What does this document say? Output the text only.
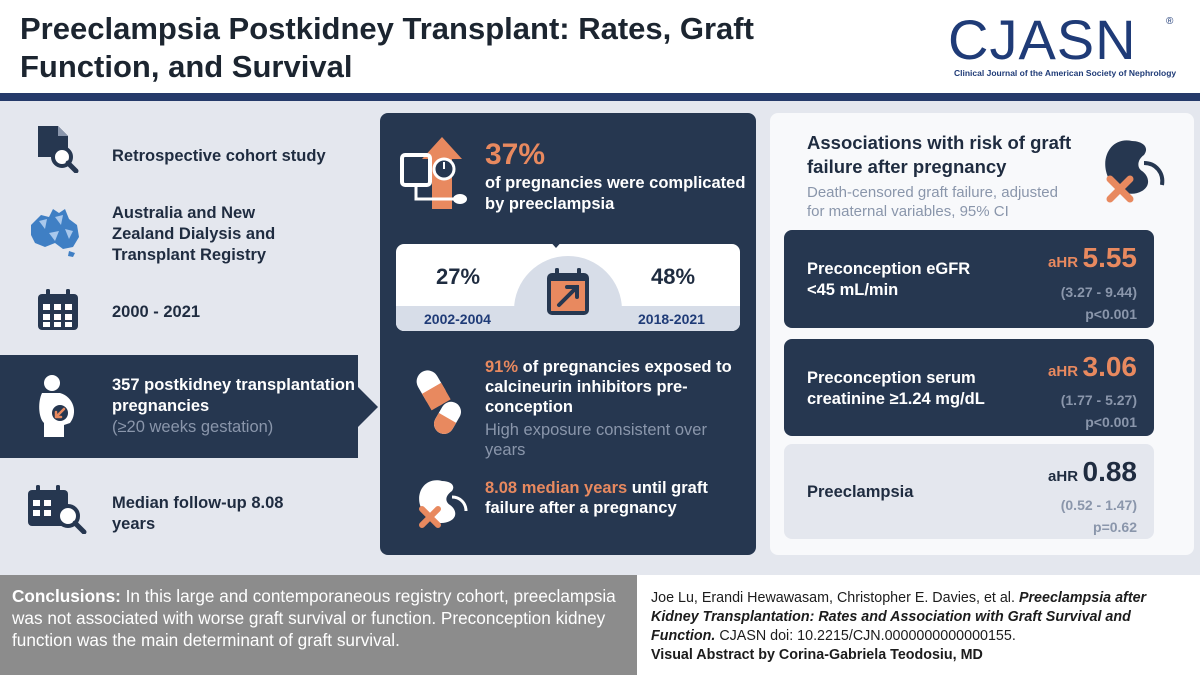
Preeclampsia Postkidney Transplant: Rates, Graft Function, and Survival	CJASN	®
Clinical Journal of the American Society of Nephrology
Retrospective cohort study
Australia and New Zealand Dialysis and Transplant Registry
2000 - 2021
357 postkidney transplantation pregnancies
(≥20 weeks gestation)
Median follow-up 8.08 years
37%
of pregnancies were complicated by preeclampsia
27%	48%
2002-2004	2018-2021
91% of pregnancies exposed to calcineurin inhibitors pre-conception
High exposure consistent over years
8.08 median years until graft failure after a pregnancy
Associations with risk of graft failure after pregnancy
Death-censored graft failure, adjusted for maternal variables, 95% CI
Preconception eGFR <45 mL/min
aHR 5.55
(3.27 - 9.44)
p<0.001
Preconception serum creatinine ≥1.24 mg/dL
aHR 3.06
(1.77 - 5.27)
p<0.001
Preeclampsia
aHR 0.88
(0.52 - 1.47)
p=0.62
Conclusions: In this large and contemporaneous registry cohort, preeclampsia was not associated with worse graft survival or function. Preconception kidney function was the main determinant of graft survival.
Joe Lu, Erandi Hewawasam, Christopher E. Davies, et al. Preeclampsia after Kidney Transplantation: Rates and Association with Graft Survival and Function. CJASN doi: 10.2215/CJN.0000000000000155.
Visual Abstract by Corina-Gabriela Teodosiu, MD
